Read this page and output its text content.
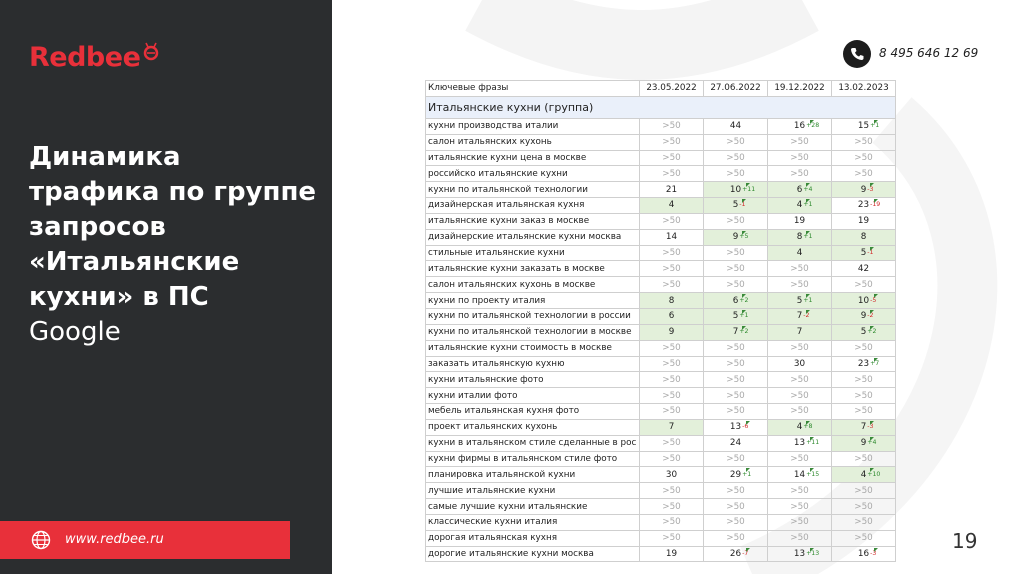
Redbee
Динамика трафика по группе запросов «Итальянские кухни» в ПС
Google
www.redbee.ru
8 495 646 12 69
Ключевые фразы	23.05.2022	27.06.2022	19.12.2022	13.02.2023
Итальянские кухни (группа)				
кухни производства италии	>50	44	16 +28	15 +1

салон итальянских кухонь	>50	>50	>50	>50
итальянские кухни цена в москве	>50	>50	>50	>50
российско итальянские кухни	>50	>50	>50	>50
кухни по итальянской технологии	21	10 +11	6 +4	9 -3

дизайнерская итальянская кухня	4	5 -1	4 +1	23 -19

итальянские кухни заказ в москве	>50	>50	19	19
дизайнерские итальянские кухни москва	14	9 +5	8 +1	8
стильные итальянские кухни	>50	>50	4	5 -1

итальянские кухни заказать в москве	>50	>50	>50	42
салон итальянских кухонь в москве	>50	>50	>50	>50
кухни по проекту италия	8	6 +2	5 +1	10 -5

кухни по итальянской технологии в россии	6	5 +1	7 -2	9 -2

кухни по итальянской технологии в москве	9	7 +2	7	5 +2

итальянские кухни стоимость в москве	>50	>50	>50	>50
заказать итальянскую кухню	>50	>50	30	23 +7

кухни итальянские фото	>50	>50	>50	>50
кухни италии фото	>50	>50	>50	>50
мебель итальянская кухня фото	>50	>50	>50	>50
проект итальянских кухонь	7	13 -6	4 +8	7 -3

кухни в итальянском стиле сделанные в рос	>50	24	13 +11	9 +4

кухни фирмы в итальянском стиле фото	>50	>50	>50	>50
планировка итальянской кухни	30	29 +1	14 +15	4 +10

лучшие итальянские кухни	>50	>50	>50	>50
самые лучшие кухни итальянские	>50	>50	>50	>50
классические кухни италия	>50	>50	>50	>50
дорогая итальянская кухня	>50	>50	>50	>50
дорогие итальянские кухни москва	19	26 -7	13 +13	16 -3
19
